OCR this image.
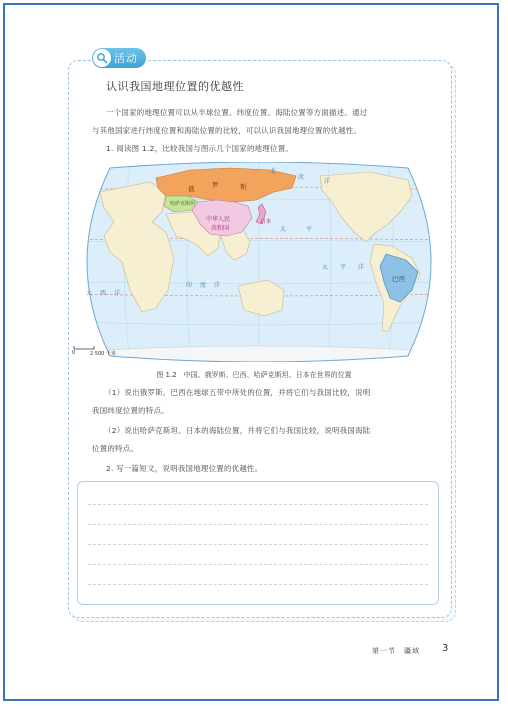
活动
认识我国地理位置的优越性
一个国家的地理位置可以从半球位置、纬度位置、海陆位置等方面描述。通过
与其他国家进行纬度位置和海陆位置的比较，可以认识我国地理位置的优越性。
1. 阅读图 1.2，比较我国与图示几个国家的地理位置。
俄	罗	斯
哈萨克斯坦
中华人民
共和国
日本
巴西
北
冰
洋
太	平
太 平 洋
印 度 洋
大 西 洋
0	2 500 千米
图 1.2　中国、俄罗斯、巴西、哈萨克斯坦、日本在世界的位置
（1）说出俄罗斯、巴西在地球五带中所处的位置，并将它们与我国比较，说明
我国纬度位置的特点。
（2）说出哈萨克斯坦、日本的海陆位置，并将它们与我国比较，说明我国海陆
位置的特点。
2. 写一篇短文，说明我国地理位置的优越性。
第一节　疆域 3
